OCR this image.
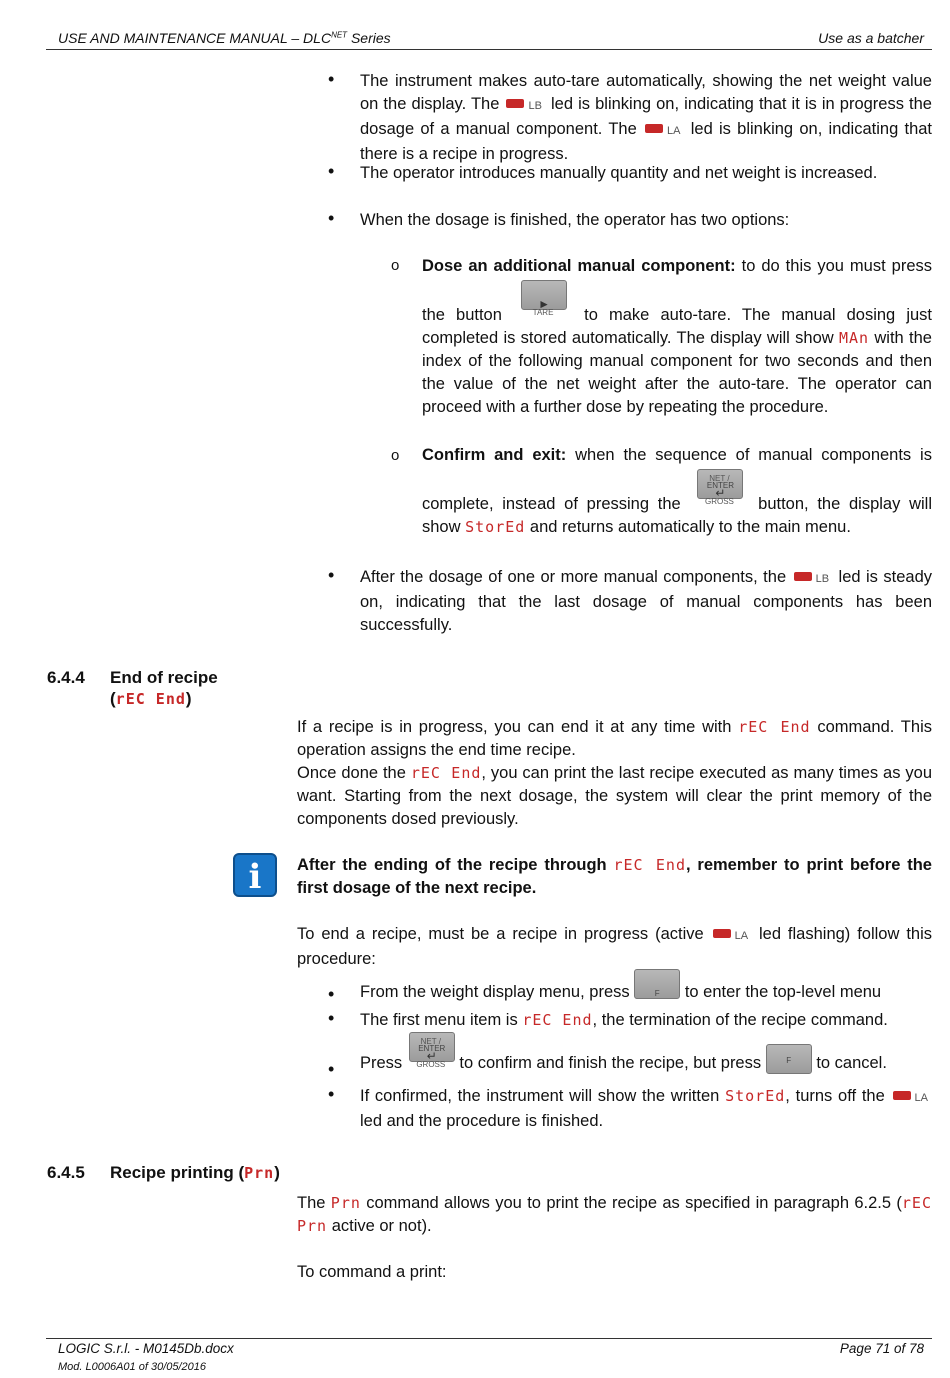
USE AND MAINTENANCE MANUAL – $DLC^{NET}$ Series	Use as a batcher
• The instrument makes auto-tare automatically, showing the net weight value on the display. The	LB led is blinking on, indicating that it is in progress the dosage of a manual component. The	LA led is blinking on, indicating that there is a recipe in progress.
• The operator introduces manually quantity and net weight is increased.
• When the dosage is finished, the operator has two options:
o Dose an additional manual component: to do this you must press the button
►
TARE	to make auto-tare. The manual dosing just completed is stored automatically. The display will show MAn with the index of the following manual component for two seconds and then the value of the net weight after the auto-tare. The operator can proceed with a further dose by repeating the procedure.
o Confirm and exit: when the sequence of manual components is complete, instead of pressing the
ENTER
↵
NET / GROSS	button, the display will show StorEd and returns automatically to the main menu.
• After the dosage of one or more manual components, the	LB led is steady on, indicating that the last dosage of manual components has been successfully.
6.4.4 End of recipe
(rEC End)
If a recipe is in progress, you can end it at any time with rEC End command. This operation assigns the end time recipe.
Once done the rEC End, you can print the last recipe executed as many times as you want. Starting from the next dosage, the system will clear the print memory of the components dosed previously.
i	After the ending of the recipe through rEC End, remember to print before the first dosage of the next recipe.
To end a recipe, must be a recipe in progress (active	LA led flashing) follow this procedure:
• From the weight display menu, press	F	to enter the top-level menu
• The first menu item is rEC End, the termination of the recipe command.
• Press
ENTER
↵
NET / GROSS to confirm and finish the recipe, but press	F	to cancel.
• If confirmed, the instrument will show the written StorEd, turns off the	LA led and the procedure is finished.
6.4.5 Recipe printing (Prn)
The Prn command allows you to print the recipe as specified in paragraph 6.2.5 (rEC Prn active or not).
To command a print:
LOGIC S.r.l. - M0145Db.docx	Page 71 of 78
Mod. L0006A01 of 30/05/2016
